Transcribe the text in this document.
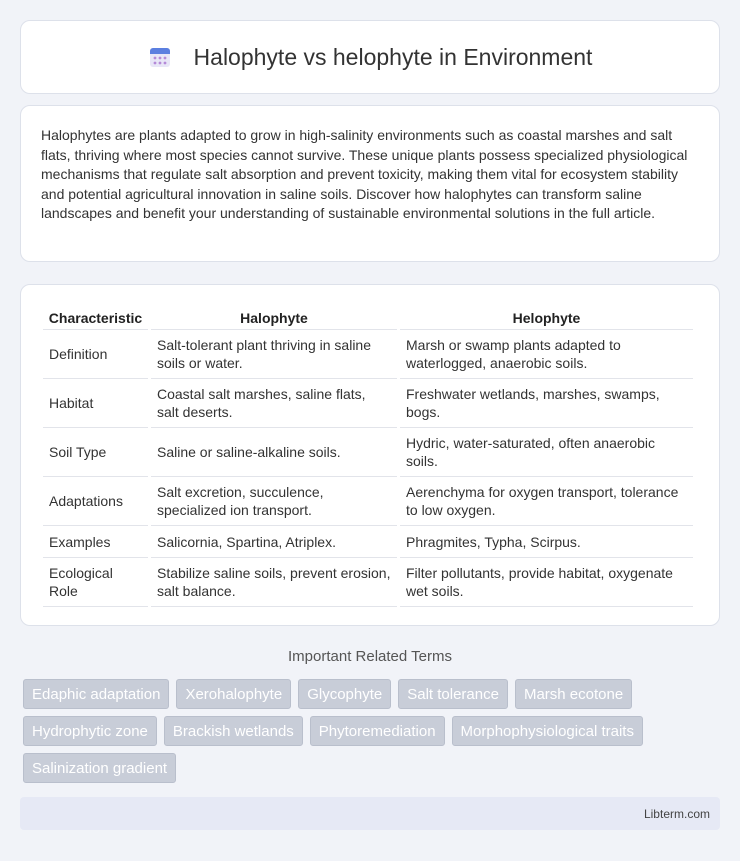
Halophyte vs helophyte in Environment

Halophytes are plants adapted to grow in high-salinity environments such as coastal marshes and salt flats, thriving where most species cannot survive. These unique plants possess specialized physiological mechanisms that regulate salt absorption and prevent toxicity, making them vital for ecosystem stability and potential agricultural innovation in saline soils. Discover how halophytes can transform saline landscapes and benefit your understanding of sustainable environmental solutions in the full article.

Characteristic	Halophyte	Helophyte
Definition	Salt-tolerant plant thriving in saline soils or water.	Marsh or swamp plants adapted to waterlogged, anaerobic soils.
Habitat	Coastal salt marshes, saline flats, salt deserts.	Freshwater wetlands, marshes, swamps, bogs.
Soil Type	Saline or saline-alkaline soils.	Hydric, water-saturated, often anaerobic soils.
Adaptations	Salt excretion, succulence, specialized ion transport.	Aerenchyma for oxygen transport, tolerance to low oxygen.
Examples	Salicornia, Spartina, Atriplex.	Phragmites, Typha, Scirpus.
Ecological Role	Stabilize saline soils, prevent erosion, salt balance.	Filter pollutants, provide habitat, oxygenate wet soils.
Important Related Terms
Edaphic adaptation	Xerohalophyte	Glycophyte	Salt tolerance	Marsh ecotone
Hydrophytic zone	Brackish wetlands	Phytoremediation	Morphophysiological traits
Salinization gradient
Libterm.com
